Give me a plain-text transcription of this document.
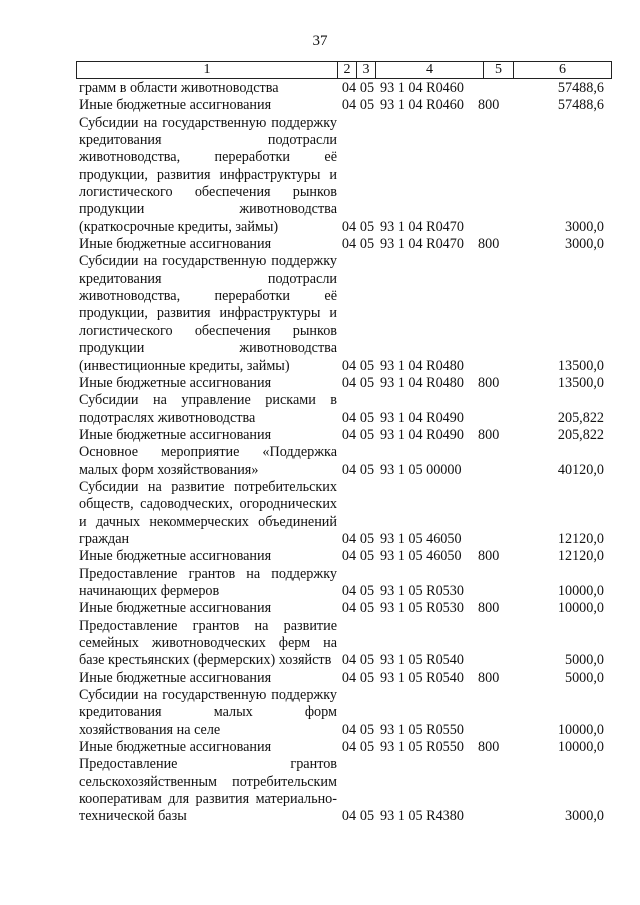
37
1	2 3	4	5	6
грамм в области животноводства	04 05 93 1 04 R0460	57488,6
Иные бюджетные ассигнования	04 05 93 1 04 R0460 800	57488,6
Субсидии на государственную поддержку кредитования подотрасли животноводства, переработки её продукции, развития инфраструктуры и логистического обеспечения рынков продукции животноводства (краткосрочные кредиты, займы)	04 05 93 1 04 R0470	3000,0
Иные бюджетные ассигнования	04 05 93 1 04 R0470 800	3000,0
Субсидии на государственную поддержку кредитования подотрасли животноводства, переработки её продукции, развития инфраструктуры и логистического обеспечения рынков продукции животноводства (инвестиционные кредиты, займы)	04 05 93 1 04 R0480	13500,0
Иные бюджетные ассигнования	04 05 93 1 04 R0480 800	13500,0
Субсидии на управление рисками в подотраслях животноводства	04 05 93 1 04 R0490	205,822
Иные бюджетные ассигнования	04 05 93 1 04 R0490 800	205,822
Основное мероприятие «Поддержка малых форм хозяйствования»	04 05 93 1 05 00000	40120,0
Субсидии на развитие потребительских обществ, садоводческих, огороднических и дачных некоммерческих объединений граждан	04 05 93 1 05 46050	12120,0
Иные бюджетные ассигнования	04 05 93 1 05 46050	800	12120,0
Предоставление грантов на поддержку начинающих фермеров	04 05 93 1 05 R0530	10000,0
Иные бюджетные ассигнования	04 05 93 1 05 R0530 800	10000,0
Предоставление грантов на развитие семейных животноводческих ферм на базе крестьянских (фермерских) хозяйств 04 05 93 1 05 R0540	5000,0
Иные бюджетные ассигнования	04 05 93 1 05 R0540 800	5000,0
Субсидии на государственную поддержку кредитования малых форм хозяйствования на селе	04 05 93 1 05 R0550	10000,0
Иные бюджетные ассигнования	04 05 93 1 05 R0550 800	10000,0
Предоставление грантов сельскохозяйственным потребительским кооперативам для развития материально-технической базы	04 05 93 1 05 R4380	3000,0
